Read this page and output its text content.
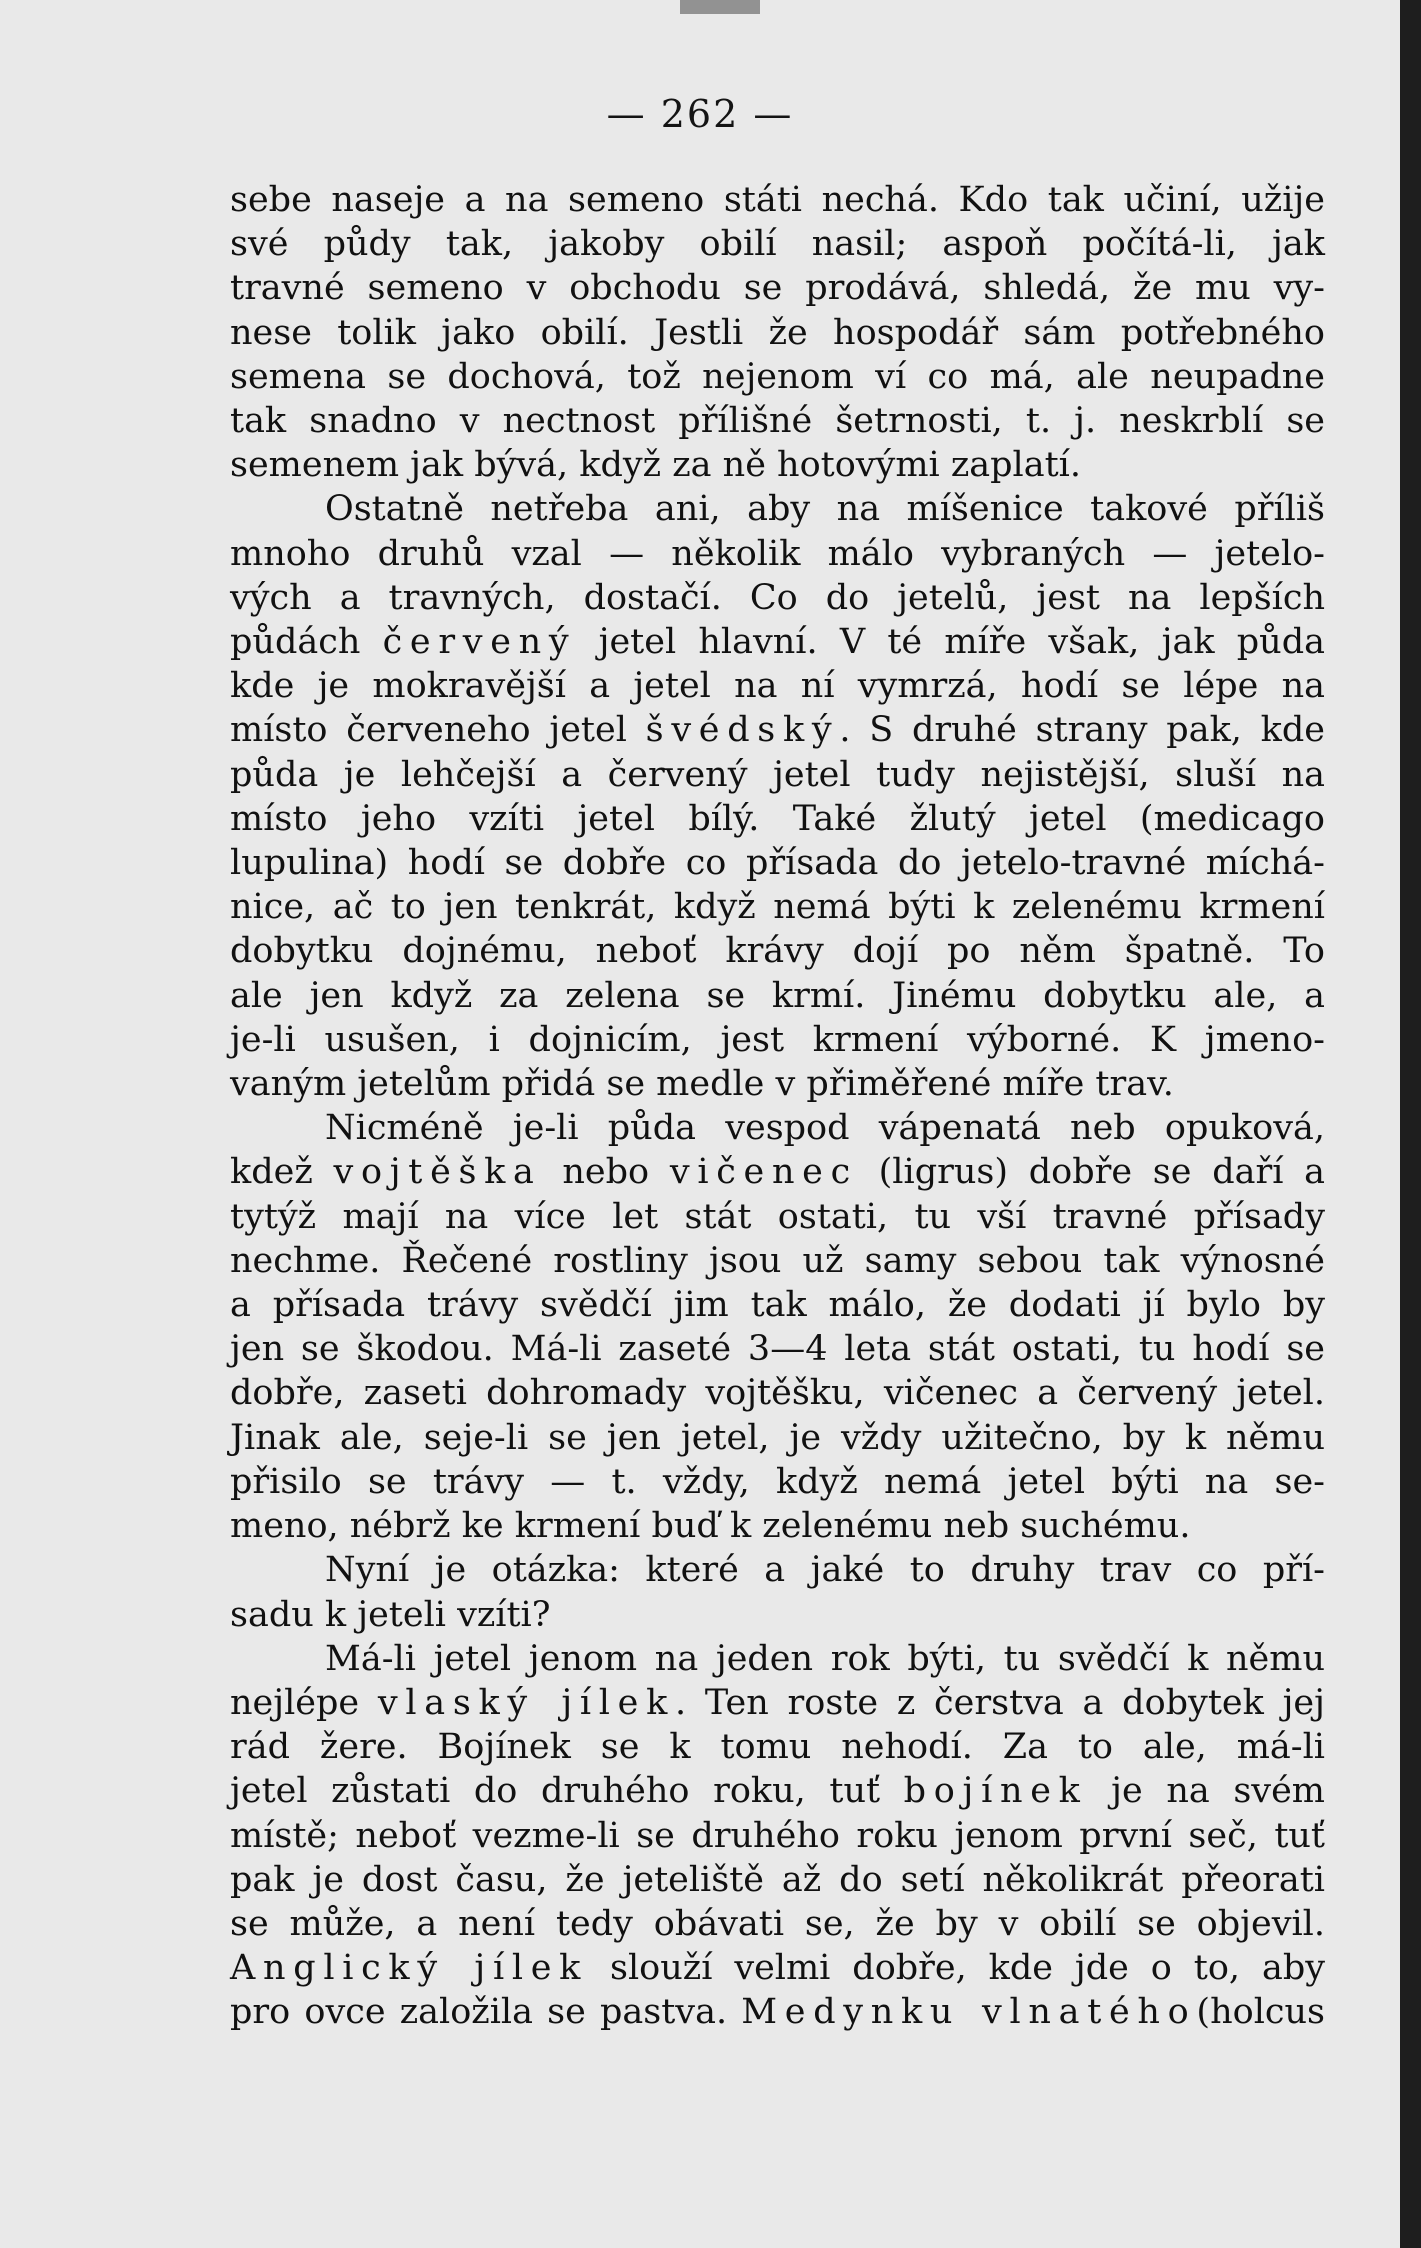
— 262 —
sebe naseje a na semeno státi nechá. Kdo tak učiní, užije
své půdy tak, jakoby obilí nasil; aspoň počítá-li, jak
travné semeno v obchodu se prodává, shledá, že mu vy-
nese tolik jako obilí. Jestli že hospodář sám potřebného
semena se dochová, tož nejenom ví co má, ale neupadne
tak snadno v nectnost přílišné šetrnosti, t. j. neskrblí se
semenem jak bývá, když za ně hotovými zaplatí.
Ostatně netřeba ani, aby na míšenice takové příliš
mnoho druhů vzal — několik málo vybraných — jetelo-
vých a travných, dostačí. Co do jetelů, jest na lepších
půdách červený jetel hlavní. V té míře však, jak půda
kde je mokravější a jetel na ní vymrzá, hodí se lépe na
místo červeneho jetel švédský. S druhé strany pak, kde
půda je lehčejší a červený jetel tudy nejistější, sluší na
místo jeho vzíti jetel bílý. Také žlutý jetel (medicago
lupulina) hodí se dobře co přísada do jetelo-travné míchá-
nice, ač to jen tenkrát, když nemá býti k zelenému krmení
dobytku dojnému, neboť krávy dojí po něm špatně. To
ale jen když za zelena se krmí. Jinému dobytku ale, a
je-li usušen, i dojnicím, jest krmení výborné. K jmeno-
vaným jetelům přidá se medle v přiměřené míře trav.
Nicméně je-li půda vespod vápenatá neb opuková,
kdež vojtěška nebo vičenec (ligrus) dobře se daří a
tytýž mají na více let stát ostati, tu vší travné přísady
nechme. Řečené rostliny jsou už samy sebou tak výnosné
a přísada trávy svědčí jim tak málo, že dodati jí bylo by
jen se škodou. Má-li zaseté 3—4 leta stát ostati, tu hodí se
dobře, zaseti dohromady vojtěšku, vičenec a červený jetel.
Jinak ale, seje-li se jen jetel, je vždy užitečno, by k němu
přisilo se trávy — t. vždy, když nemá jetel býti na se-
meno, nébrž ke krmení buď k zelenému neb suchému.
Nyní je otázka: které a jaké to druhy trav co pří-
sadu k jeteli vzíti?
Má-li jetel jenom na jeden rok býti, tu svědčí k němu
nejlépe vlaský jílek. Ten roste z čerstva a dobytek jej
rád žere. Bojínek se k tomu nehodí. Za to ale, má-li
jetel zůstati do druhého roku, tuť bojínek je na svém
místě; neboť vezme-li se druhého roku jenom první seč, tuť
pak je dost času, že jeteliště až do setí několikrát přeorati
se může, a není tedy obávati se, že by v obilí se objevil.
Anglický jílek slouží velmi dobře, kde jde o to, aby
pro ovce založila se pastva. Medynku vlnatého(holcus
